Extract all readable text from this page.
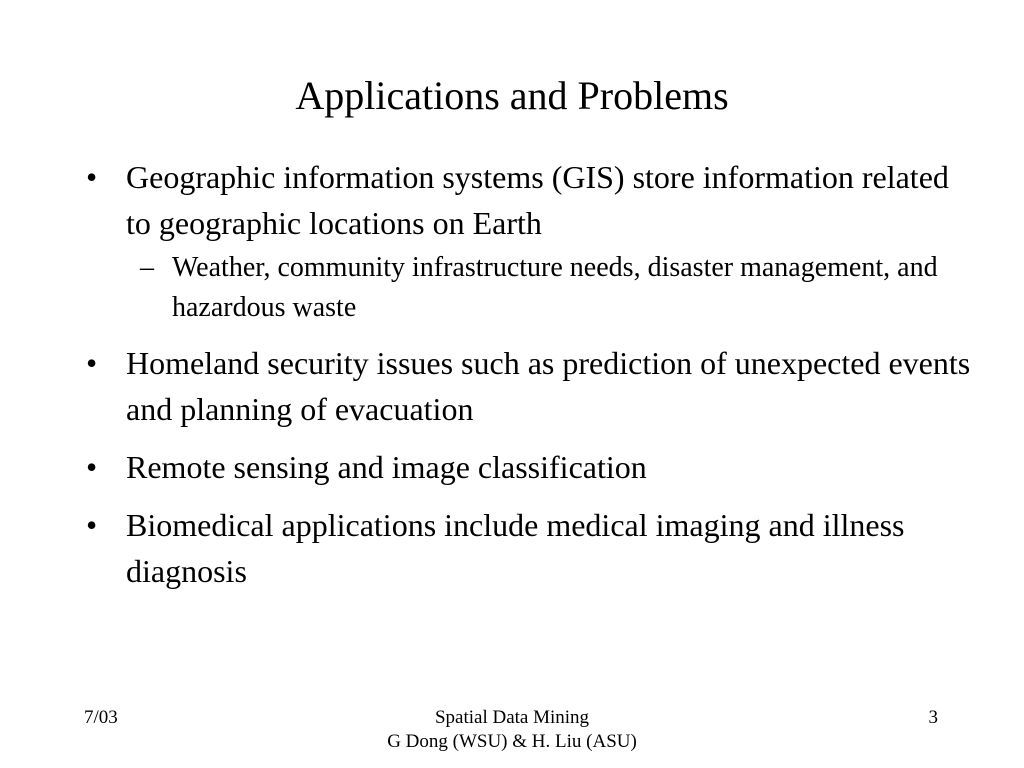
Applications and Problems
• Geographic information systems (GIS) store information related to geographic locations on Earth
– Weather, community infrastructure needs, disaster management, and hazardous waste
• Homeland security issues such as prediction of unexpected events and planning of evacuation
• Remote sensing and image classification
• Biomedical applications include medical imaging and illness diagnosis
7/03	Spatial Data Mining
G Dong (WSU) & H. Liu (ASU)
3
